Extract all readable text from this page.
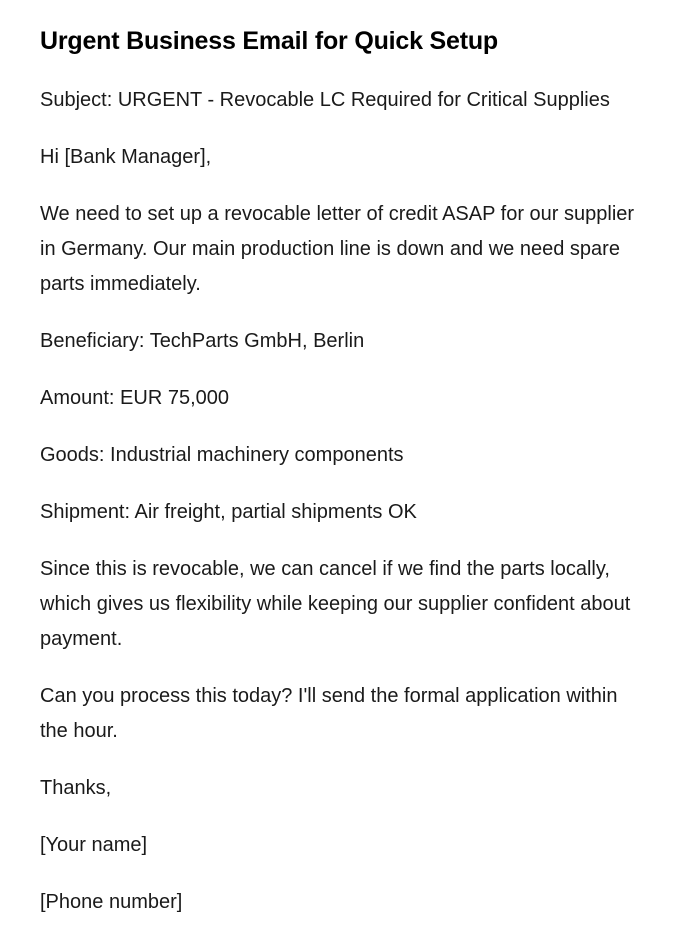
Urgent Business Email for Quick Setup

Subject: URGENT - Revocable LC Required for Critical Supplies

Hi [Bank Manager],

We need to set up a revocable letter of credit ASAP for our supplier in Germany. Our main production line is down and we need spare parts immediately.

Beneficiary: TechParts GmbH, Berlin

Amount: EUR 75,000

Goods: Industrial machinery components

Shipment: Air freight, partial shipments OK

Since this is revocable, we can cancel if we find the parts locally, which gives us flexibility while keeping our supplier confident about payment.

Can you process this today? I'll send the formal application within the hour.

Thanks,

[Your name]

[Phone number]
